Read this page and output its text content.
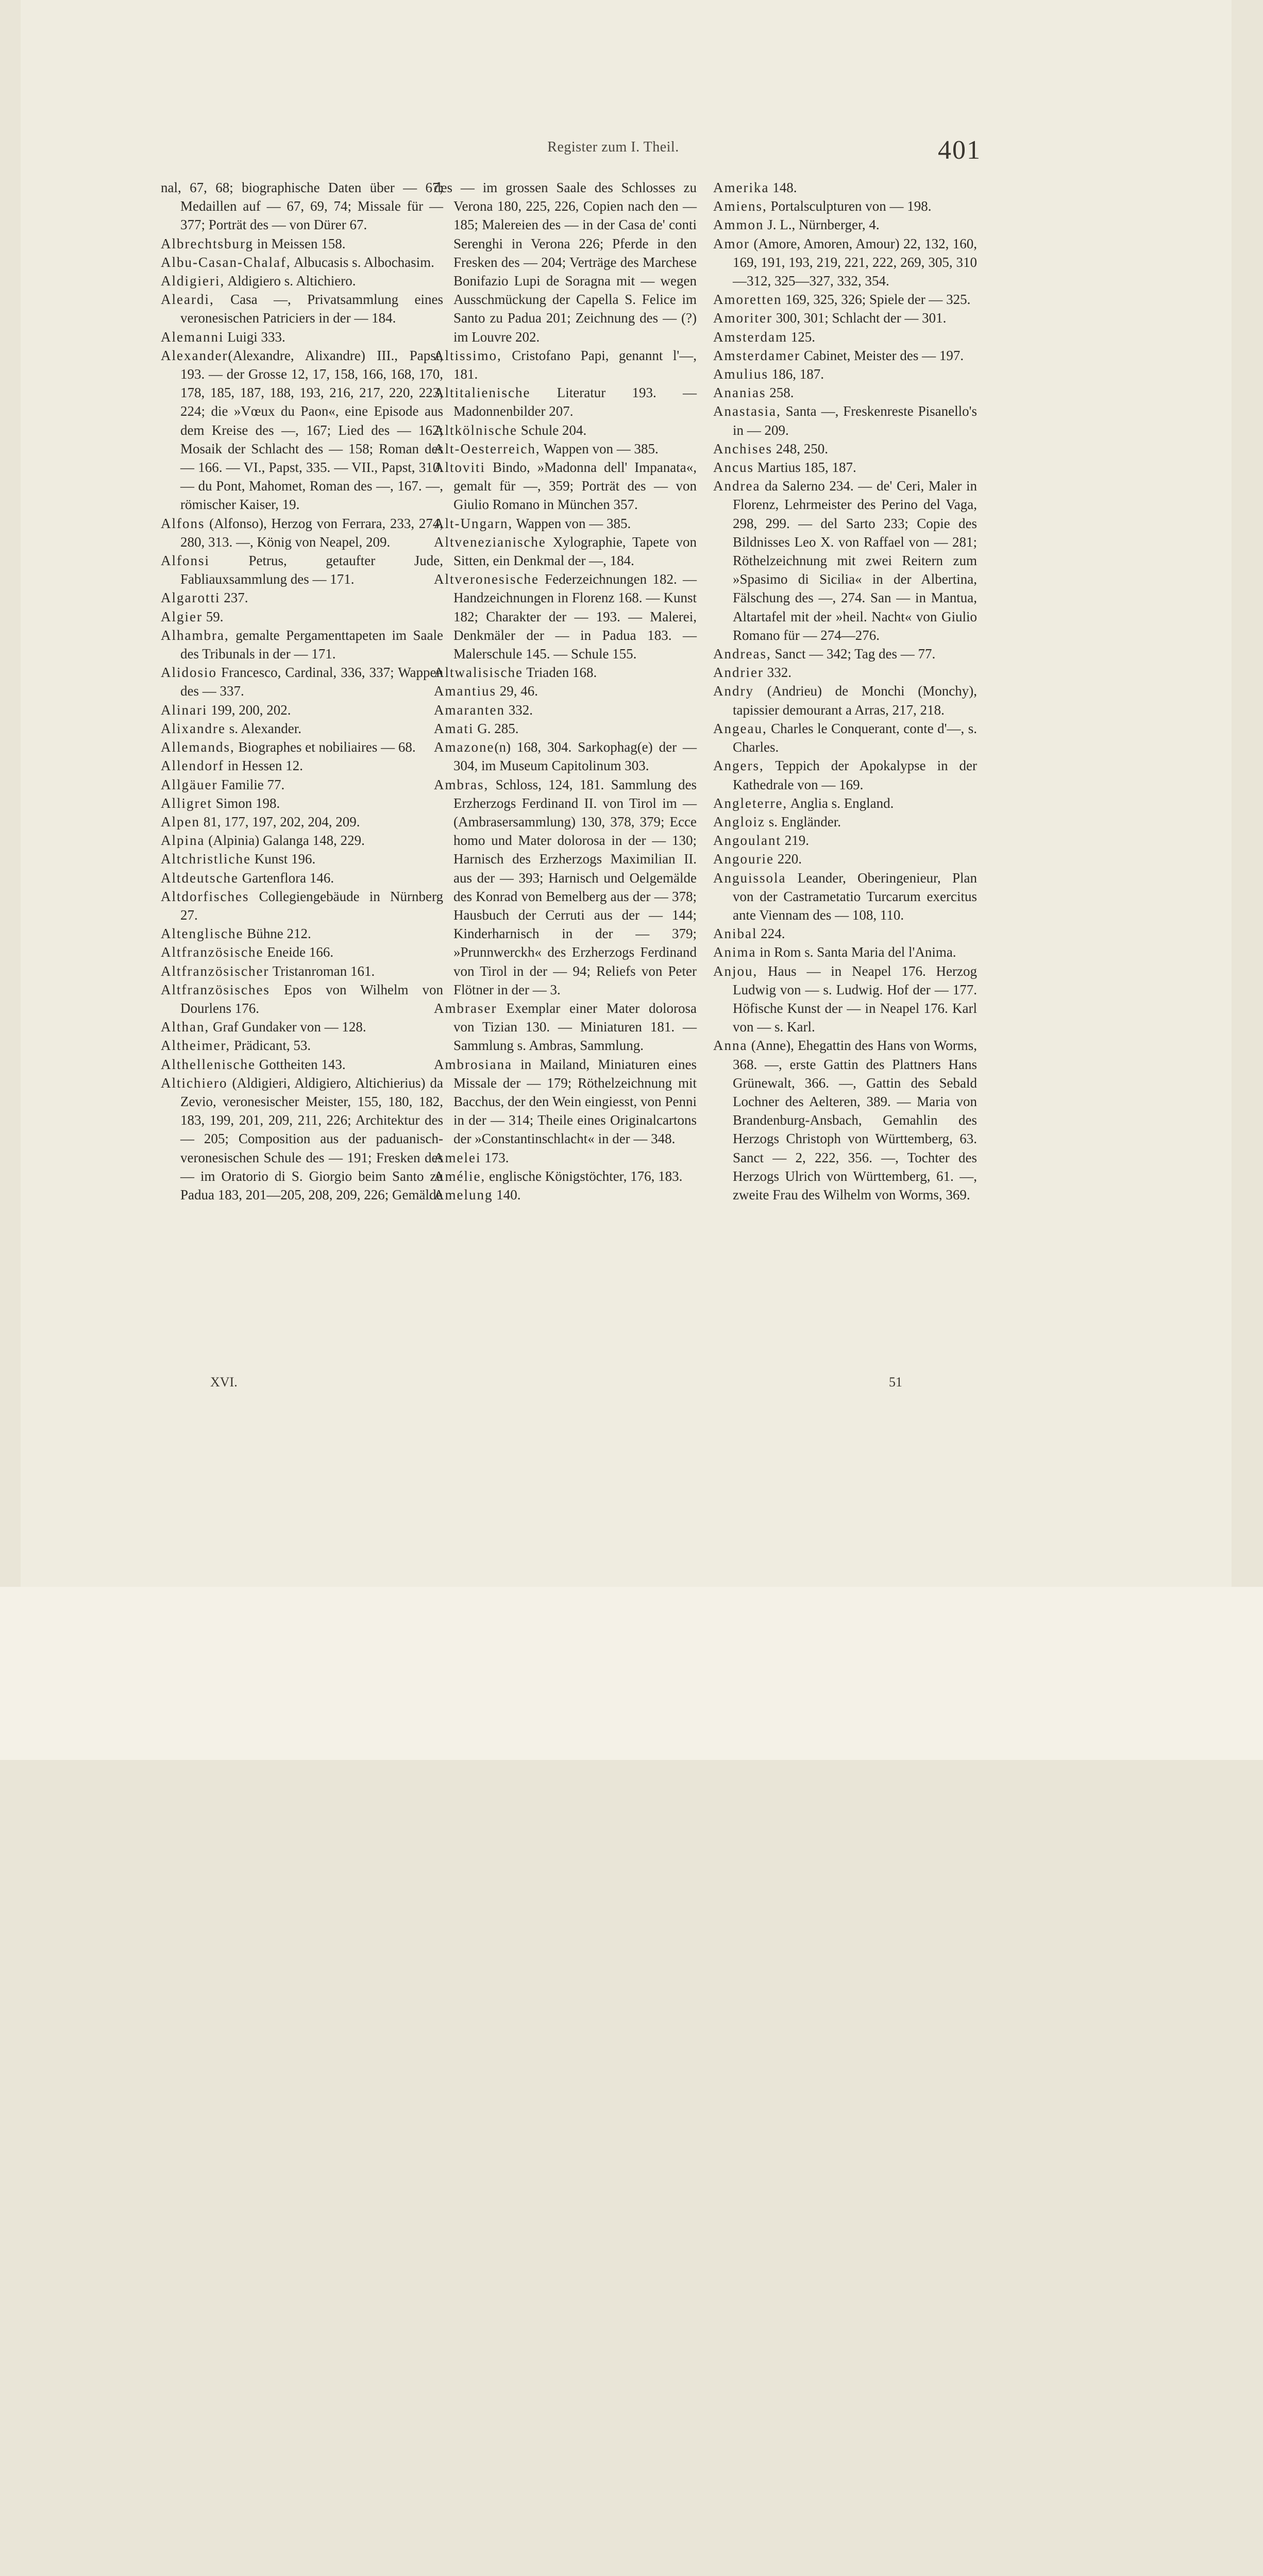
Register zum I. Theil.	401

nal, 67, 68; biographische Daten über — 67; Medaillen auf — 67, 69, 74; Missale für — 377; Porträt des — von Dürer 67.

Albrechtsburg in Meissen 158.

Albu-Casan-Chalaf, Albucasis s. Albochasim.

Aldigieri, Aldigiero s. Altichiero.

Aleardi, Casa —, Privatsammlung eines veronesischen Patriciers in der — 184.

Alemanni Luigi 333.

Alexander(Alexandre, Alixandre) III., Papst, 193. — der Grosse 12, 17, 158, 166, 168, 170, 178, 185, 187, 188, 193, 216, 217, 220, 223, 224; die »Vœux du Paon«, eine Episode aus dem Kreise des —, 167; Lied des — 162; Mosaik der Schlacht des — 158; Roman des — 166. — VI., Papst, 335. — VII., Papst, 310. — du Pont, Mahomet, Roman des —, 167. —, römischer Kaiser, 19.

Alfons (Alfonso), Herzog von Ferrara, 233, 274, 280, 313. —, König von Neapel, 209.

Alfonsi Petrus, getaufter Jude, Fabliauxsammlung des — 171.

Algarotti 237.

Algier 59.

Alhambra, gemalte Pergamenttapeten im Saale des Tribunals in der — 171.

Alidosio Francesco, Cardinal, 336, 337; Wappen des — 337.

Alinari 199, 200, 202.

Alixandre s. Alexander.

Allemands, Biographes et nobiliaires — 68.

Allendorf in Hessen 12.

Allgäuer Familie 77.

Alligret Simon 198.

Alpen 81, 177, 197, 202, 204, 209.

Alpina (Alpinia) Galanga 148, 229.

Altchristliche Kunst 196.

Altdeutsche Gartenflora 146.

Altdorfisches Collegiengebäude in Nürnberg 27.

Altenglische Bühne 212.

Altfranzösische Eneide 166.

Altfranzösischer Tristanroman 161.

Altfranzösisches Epos von Wilhelm von Dourlens 176.

Althan, Graf Gundaker von — 128.

Altheimer, Prädicant, 53.

Althellenische Gottheiten 143.

Altichiero (Aldigieri, Aldigiero, Altichierius) da Zevio, veronesischer Meister, 155, 180, 182, 183, 199, 201, 209, 211, 226; Architektur des — 205; Composition aus der paduanisch-veronesischen Schule des — 191; Fresken des — im Oratorio di S. Giorgio beim Santo zu Padua 183, 201—205, 208, 209, 226; Gemälde

des — im grossen Saale des Schlosses zu Verona 180, 225, 226, Copien nach den — 185; Malereien des — in der Casa de' conti Serenghi in Verona 226; Pferde in den Fresken des — 204; Verträge des Marchese Bonifazio Lupi de Soragna mit — wegen Ausschmückung der Capella S. Felice im Santo zu Padua 201; Zeichnung des — (?) im Louvre 202.

Altissimo, Cristofano Papi, genannt l'—, 181.

Altitalienische Literatur 193. — Madonnenbilder 207.

Altkölnische Schule 204.

Alt-Oesterreich, Wappen von — 385.

Altoviti Bindo, »Madonna dell' Impanata«, gemalt für —, 359; Porträt des — von Giulio Romano in München 357.

Alt-Ungarn, Wappen von — 385.

Altvenezianische Xylographie, Tapete von Sitten, ein Denkmal der —, 184.

Altveronesische Federzeichnungen 182. — Handzeichnungen in Florenz 168. — Kunst 182; Charakter der — 193. — Malerei, Denkmäler der — in Padua 183. — Malerschule 145. — Schule 155.

Altwalisische Triaden 168.

Amantius 29, 46.

Amaranten 332.

Amati G. 285.

Amazone(n) 168, 304. Sarkophag(e) der — 304, im Museum Capitolinum 303.

Ambras, Schloss, 124, 181. Sammlung des Erzherzogs Ferdinand II. von Tirol im — (Ambrasersammlung) 130, 378, 379; Ecce homo und Mater dolorosa in der — 130; Harnisch des Erzherzogs Maximilian II. aus der — 393; Harnisch und Oelgemälde des Konrad von Bemelberg aus der — 378; Hausbuch der Cerruti aus der — 144; Kinderharnisch in der — 379; »Prunnwerckh« des Erzherzogs Ferdinand von Tirol in der — 94; Reliefs von Peter Flötner in der — 3.

Ambraser Exemplar einer Mater dolorosa von Tizian 130. — Miniaturen 181. — Sammlung s. Ambras, Sammlung.

Ambrosiana in Mailand, Miniaturen eines Missale der — 179; Röthelzeichnung mit Bacchus, der den Wein eingiesst, von Penni in der — 314; Theile eines Originalcartons der »Constantinschlacht« in der — 348.

Amelei 173.

Amélie, englische Königstöchter, 176, 183.

Amelung 140.

Amerika 148.

Amiens, Portalsculpturen von — 198.

Ammon J. L., Nürnberger, 4.

Amor (Amore, Amoren, Amour) 22, 132, 160, 169, 191, 193, 219, 221, 222, 269, 305, 310—312, 325—327, 332, 354.

Amoretten 169, 325, 326; Spiele der — 325.

Amoriter 300, 301; Schlacht der — 301.

Amsterdam 125.

Amsterdamer Cabinet, Meister des — 197.

Amulius 186, 187.

Ananias 258.

Anastasia, Santa —, Freskenreste Pisanello's in — 209.

Anchises 248, 250.

Ancus Martius 185, 187.

Andrea da Salerno 234. — de' Ceri, Maler in Florenz, Lehrmeister des Perino del Vaga, 298, 299. — del Sarto 233; Copie des Bildnisses Leo X. von Raffael von — 281; Röthelzeichnung mit zwei Reitern zum »Spasimo di Sicilia« in der Albertina, Fälschung des —, 274. San — in Mantua, Altartafel mit der »heil. Nacht« von Giulio Romano für — 274—276.

Andreas, Sanct — 342; Tag des — 77.

Andrier 332.

Andry (Andrieu) de Monchi (Monchy), tapissier demourant a Arras, 217, 218.

Angeau, Charles le Conquerant, conte d'—, s. Charles.

Angers, Teppich der Apokalypse in der Kathedrale von — 169.

Angleterre, Anglia s. England.

Angloiz s. Engländer.

Angoulant 219.

Angourie 220.

Anguissola Leander, Oberingenieur, Plan von der Castrametatio Turcarum exercitus ante Viennam des — 108, 110.

Anibal 224.

Anima in Rom s. Santa Maria del l'Anima.

Anjou, Haus — in Neapel 176. Herzog Ludwig von — s. Ludwig. Hof der — 177. Höfische Kunst der — in Neapel 176. Karl von — s. Karl.

Anna (Anne), Ehegattin des Hans von Worms, 368. —, erste Gattin des Plattners Hans Grünewalt, 366. —, Gattin des Sebald Lochner des Aelteren, 389. — Maria von Brandenburg-Ansbach, Gemahlin des Herzogs Christoph von Württemberg, 63. Sanct — 2, 222, 356. —, Tochter des Herzogs Ulrich von Württemberg, 61. —, zweite Frau des Wilhelm von Worms, 369.

XVI.	51
